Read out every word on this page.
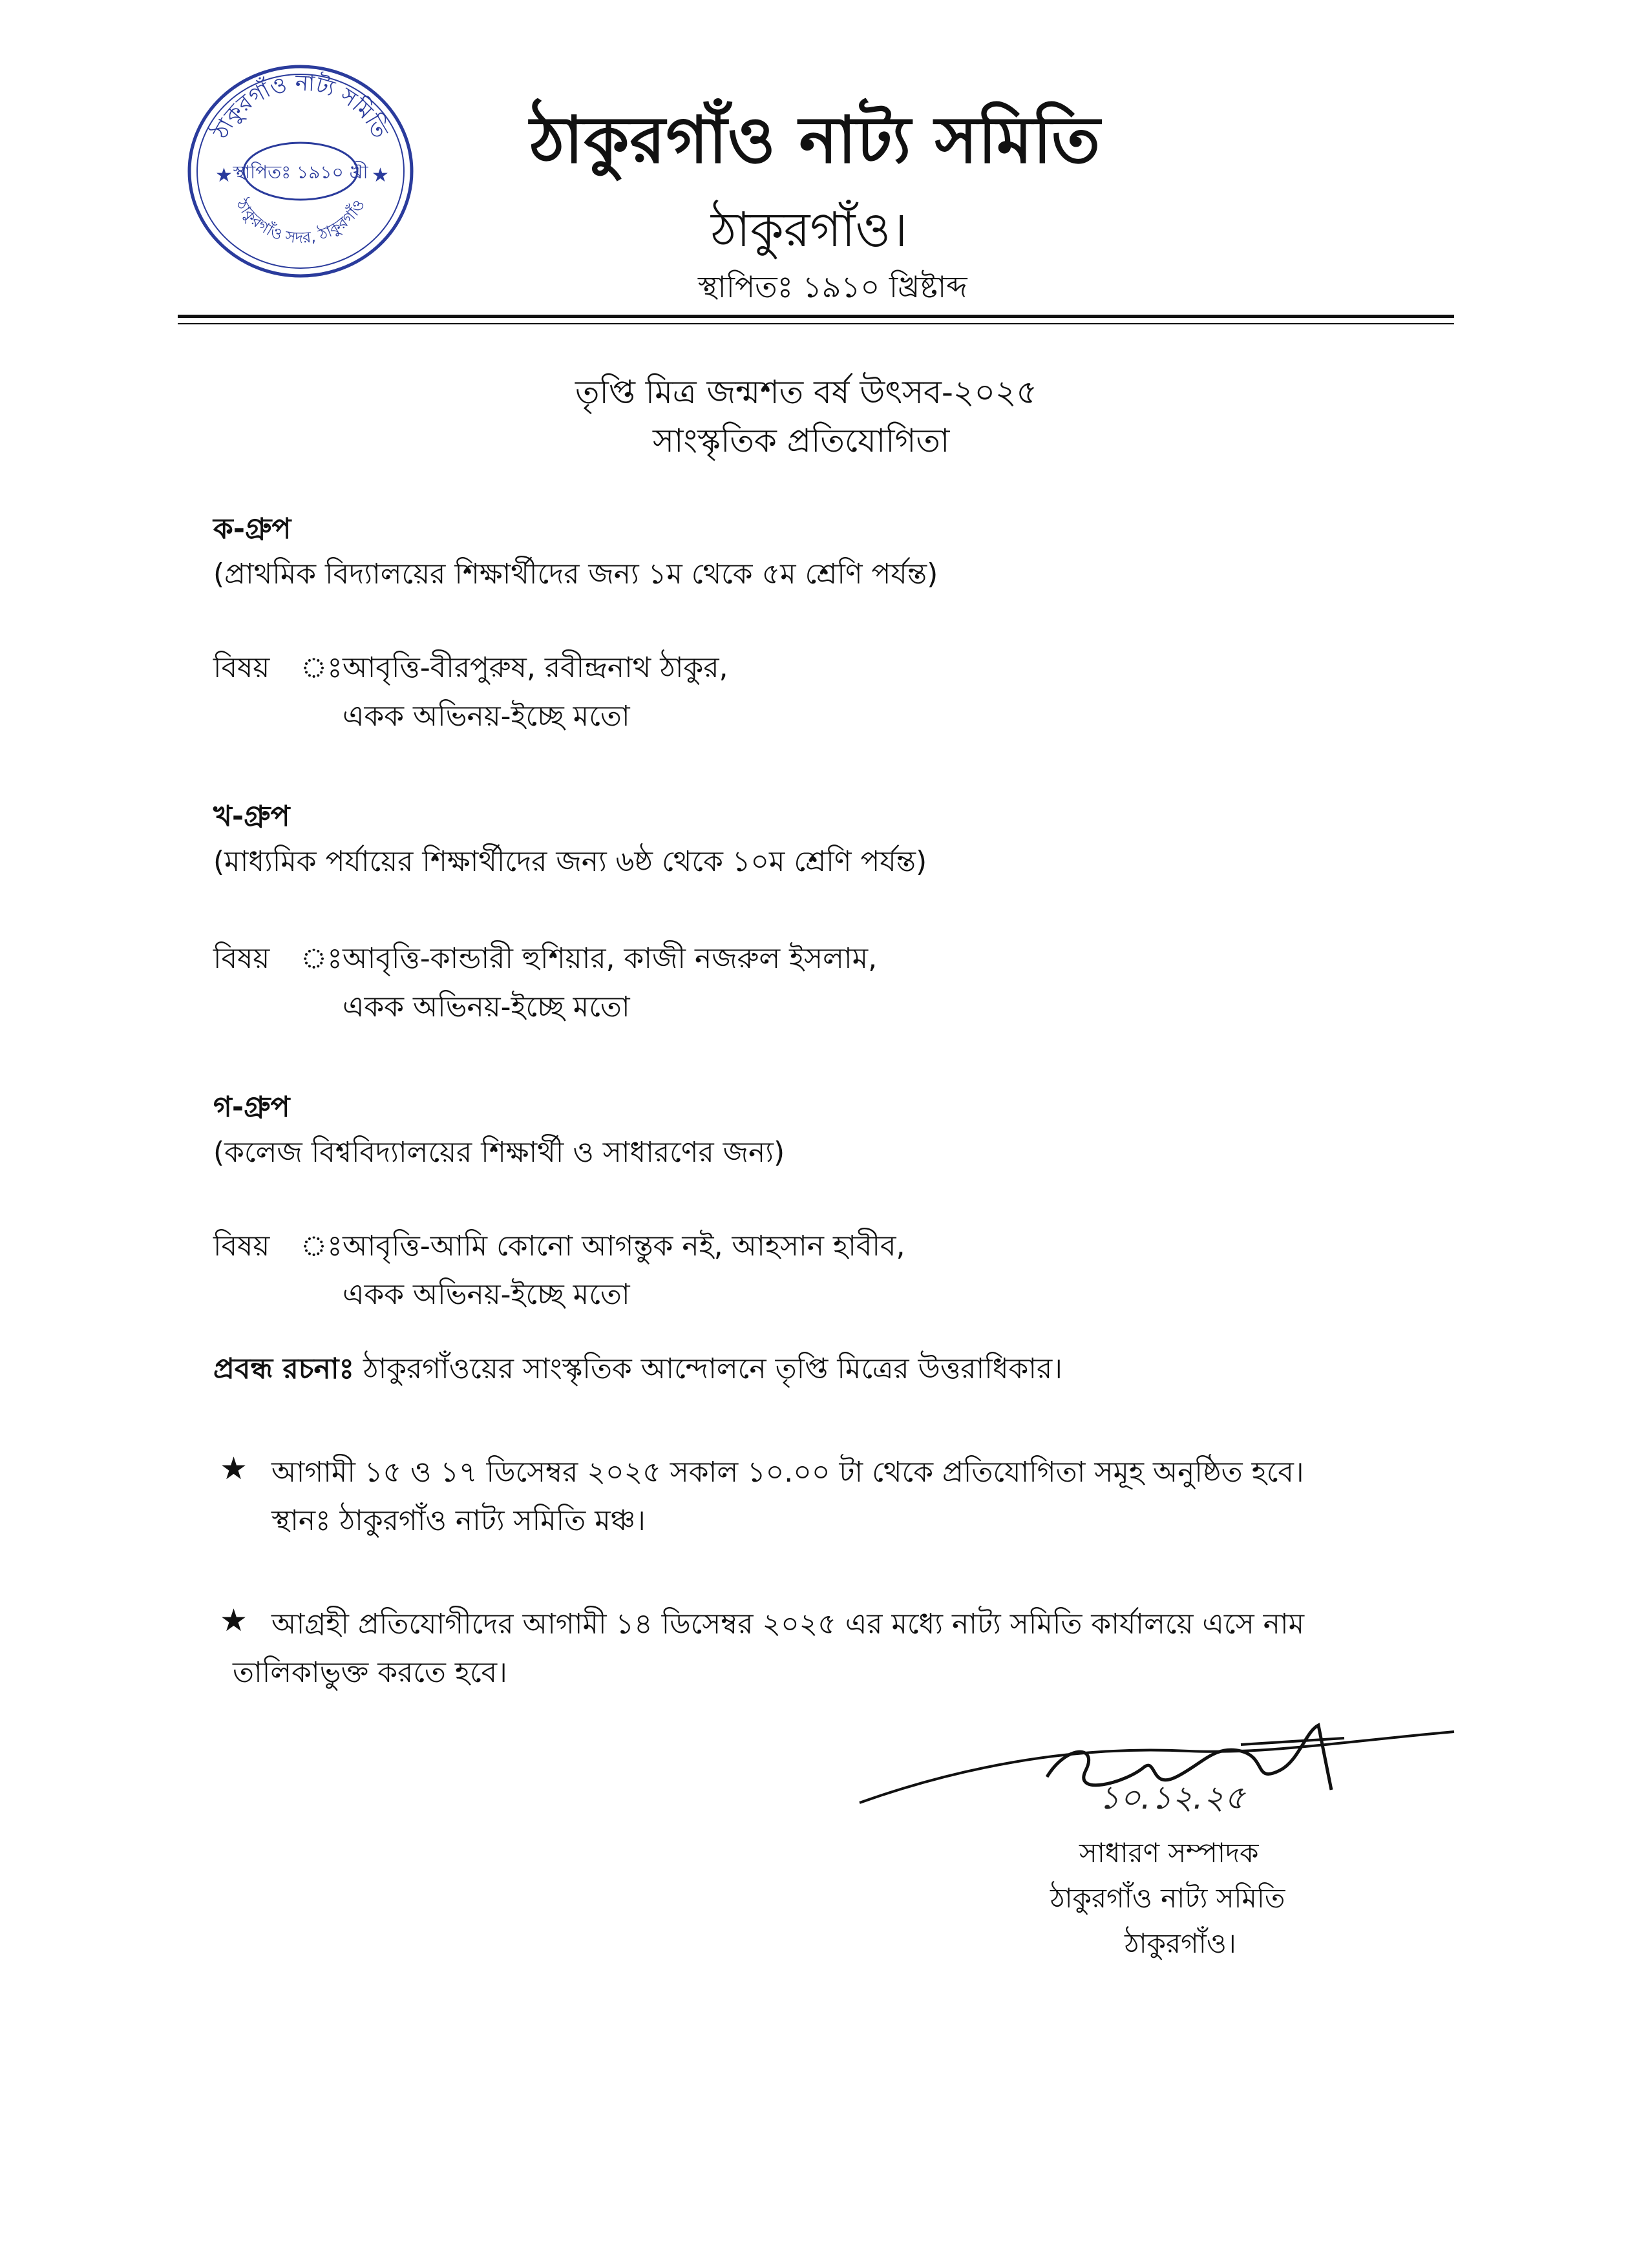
ঠাকুরগাঁও নাট্য সমিতি
স্থাপিতঃ ১৯১০ খ্রী
ঠাকুরগাঁও সদর, ঠাকুরগাঁও
★	★ ঠাকুরগাঁও নাট্য সমিতি
ঠাকুরগাঁও।
স্থাপিতঃ ১৯১০ খ্রিষ্টাব্দ
তৃপ্তি মিত্র জন্মশত বর্ষ উৎসব-২০২৫
সাংস্কৃতিক প্রতিযোগিতা
ক-গ্রুপ
(প্রাথমিক বিদ্যালয়ের শিক্ষার্থীদের জন্য ১ম থেকে ৫ম শ্রেণি পর্যন্ত)
বিষয় ঃ আবৃত্তি-বীরপুরুষ, রবীন্দ্রনাথ ঠাকুর,
একক অভিনয়-ইচ্ছে মতো
খ-গ্রুপ
(মাধ্যমিক পর্যায়ের শিক্ষার্থীদের জন্য ৬ষ্ঠ থেকে ১০ম শ্রেণি পর্যন্ত)
বিষয় ঃ আবৃত্তি-কান্ডারী হুশিয়ার, কাজী নজরুল ইসলাম,
একক অভিনয়-ইচ্ছে মতো
গ-গ্রুপ
(কলেজ বিশ্ববিদ্যালয়ের শিক্ষার্থী ও সাধারণের জন্য)
বিষয় ঃ আবৃত্তি-আমি কোনো আগন্তুক নই, আহসান হাবীব,
একক অভিনয়-ইচ্ছে মতো
প্রবন্ধ রচনাঃ ঠাকুরগাঁওয়ের সাংস্কৃতিক আন্দোলনে তৃপ্তি মিত্রের উত্তরাধিকার।
★ আগামী ১৫ ও ১৭ ডিসেম্বর ২০২৫ সকাল ১০.০০ টা থেকে প্রতিযোগিতা সমূহ অনুষ্ঠিত হবে।
স্থানঃ ঠাকুরগাঁও নাট্য সমিতি মঞ্চ।
★ আগ্রহী প্রতিযোগীদের আগামী ১৪ ডিসেম্বর ২০২৫ এর মধ্যে নাট্য সমিতি কার্যালয়ে এসে নাম
তালিকাভুক্ত করতে হবে।
১০.১২.২৫
সাধারণ সম্পাদক
ঠাকুরগাঁও নাট্য সমিতি
ঠাকুরগাঁও।
